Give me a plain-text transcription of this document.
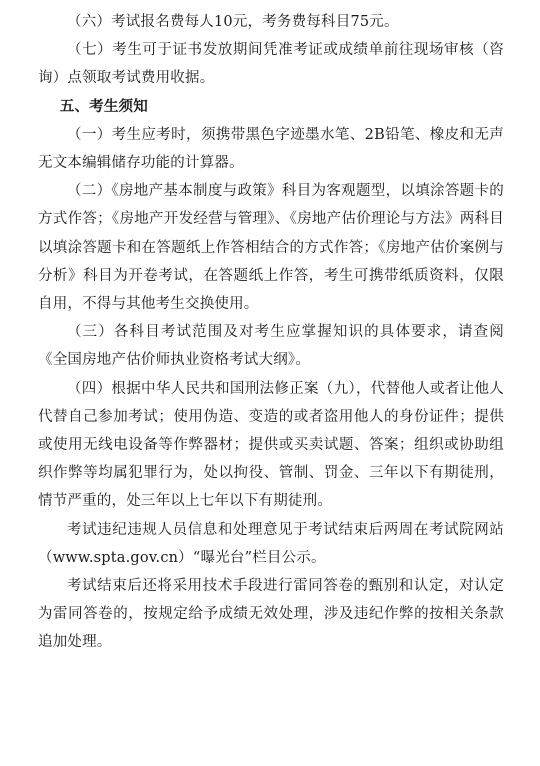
（六）考试报名费每人10元，考务费每科目75元。

（七）考生可于证书发放期间凭准考证或成绩单前往现场审核（咨询）点领取考试费用收据。

五、考生须知

（一）考生应考时，须携带黑色字迹墨水笔、2B铅笔、橡皮和无声无文本编辑储存功能的计算器。

（二）《房地产基本制度与政策》科目为客观题型，以填涂答题卡的方式作答；《房地产开发经营与管理》、《房地产估价理论与方法》两科目以填涂答题卡和在答题纸上作答相结合的方式作答；《房地产估价案例与分析》科目为开卷考试，在答题纸上作答，考生可携带纸质资料，仅限自用，不得与其他考生交换使用。

（三）各科目考试范围及对考生应掌握知识的具体要求，请查阅《全国房地产估价师执业资格考试大纲》。

（四）根据中华人民共和国刑法修正案（九），代替他人或者让他人代替自己参加考试；使用伪造、变造的或者盗用他人的身份证件；提供或使用无线电设备等作弊器材；提供或买卖试题、答案；组织或协助组织作弊等均属犯罪行为，处以拘役、管制、罚金、三年以下有期徒刑，情节严重的，处三年以上七年以下有期徒刑。

考试违纪违规人员信息和处理意见于考试结束后两周在考试院网站（www.spta.gov.cn）“曝光台”栏目公示。

考试结束后还将采用技术手段进行雷同答卷的甄别和认定，对认定为雷同答卷的，按规定给予成绩无效处理，涉及违纪作弊的按相关条款追加处理。
